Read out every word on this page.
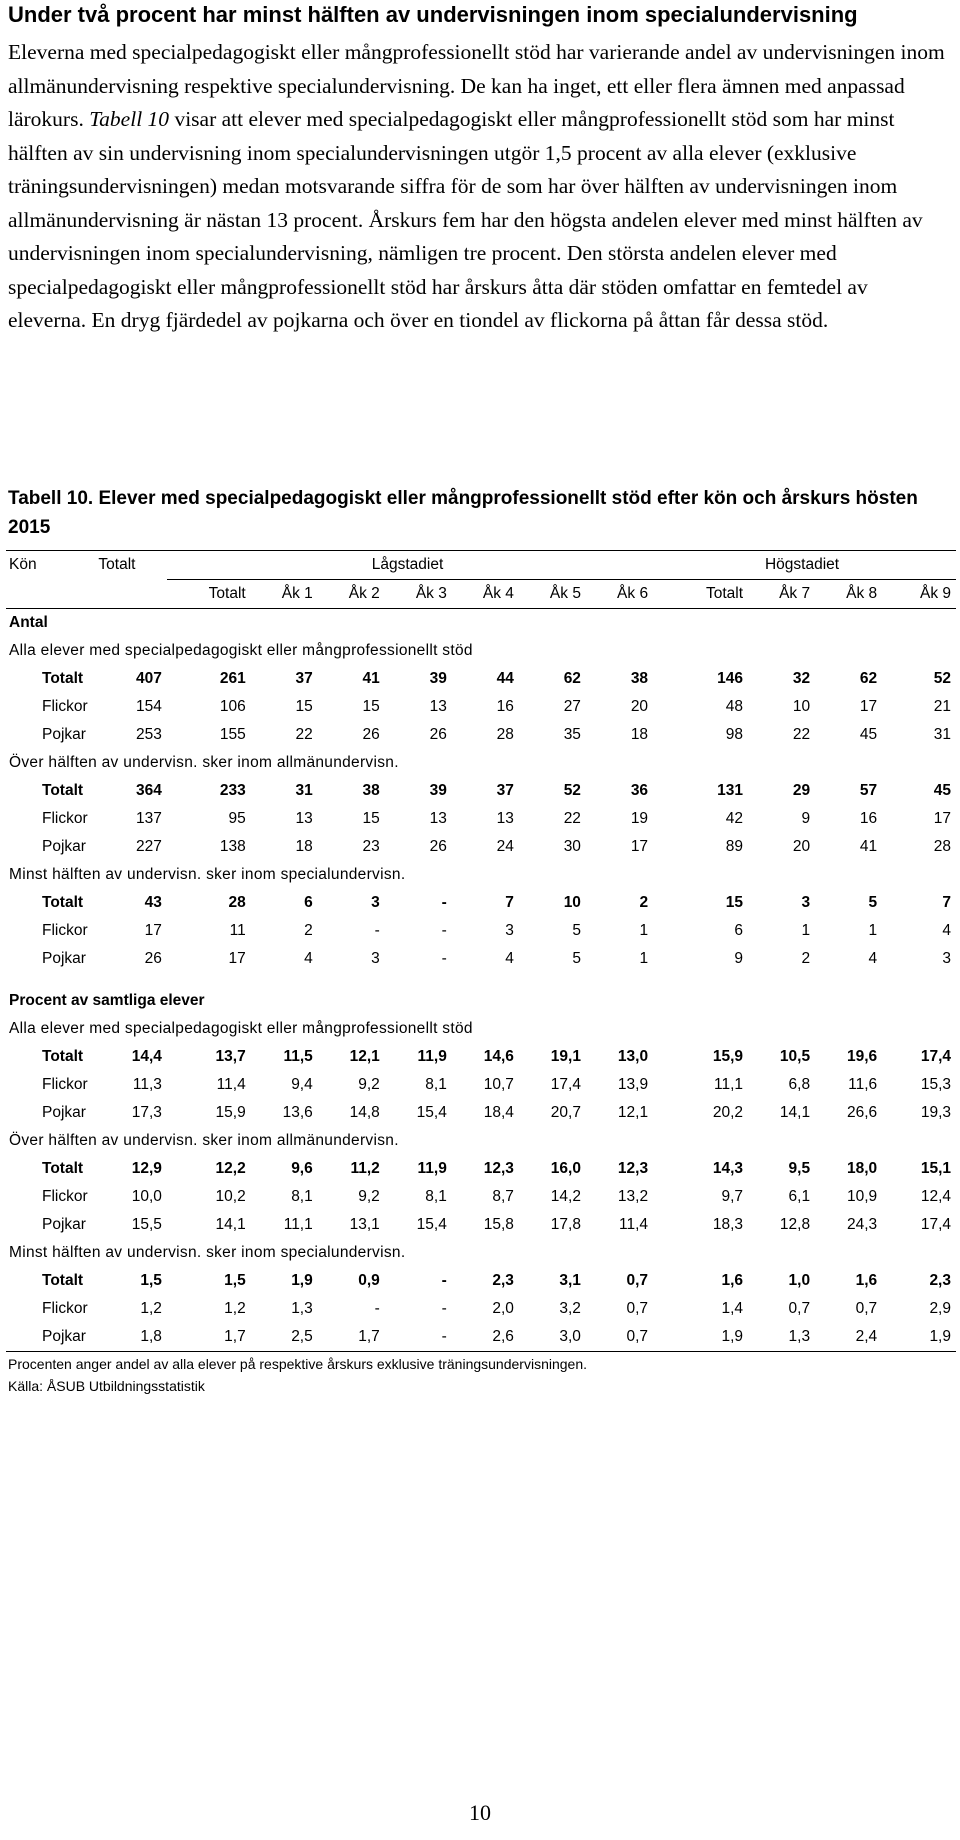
Under två procent har minst hälften av undervisningen inom specialundervisning

Eleverna med specialpedagogiskt eller mångprofessionellt stöd har varierande andel av undervisningen inom allmänundervisning respektive specialundervisning. De kan ha inget, ett eller flera ämnen med anpassad lärokurs. Tabell 10 visar att elever med specialpedagogiskt eller mångprofessionellt stöd som har minst hälften av sin undervisning inom specialundervisningen utgör 1,5 procent av alla elever (exklusive träningsundervisningen) medan motsvarande siffra för de som har över hälften av undervisningen inom allmänundervisning är nästan 13 procent. Årskurs fem har den högsta andelen elever med minst hälften av undervisningen inom specialundervisning, nämligen tre procent. Den största andelen elever med specialpedagogiskt eller mångprofessionellt stöd har årskurs åtta där stöden omfattar en femtedel av eleverna. En dryg fjärdedel av pojkarna och över en tiondel av flickorna på åttan får dessa stöd.

Tabell 10. Elever med specialpedagogiskt eller mångprofessionellt stöd efter kön och årskurs hösten 2015
Kön	Totalt	Lågstadiet							Högstadiet			
		Totalt	Åk 1	Åk 2	Åk 3	Åk 4	Åk 5	Åk 6	Totalt	Åk 7	Åk 8	Åk 9
Antal												
Alla elever med specialpedagogiskt eller mångprofessionellt stöd												
Totalt	407	261	37	41	39	44	62	38	146	32	62	52
Flickor	154	106	15	15	13	16	27	20	48	10	17	21
Pojkar	253	155	22	26	26	28	35	18	98	22	45	31
Över hälften av undervisn. sker inom allmänundervisn.												
Totalt	364	233	31	38	39	37	52	36	131	29	57	45
Flickor	137	95	13	15	13	13	22	19	42	9	16	17
Pojkar	227	138	18	23	26	24	30	17	89	20	41	28
Minst hälften av undervisn. sker inom specialundervisn.												
Totalt	43	28	6	3	-	7	10	2	15	3	5	7
Flickor	17	11	2	-	-	3	5	1	6	1	1	4
Pojkar	26	17	4	3	-	4	5	1	9	2	4	3

Procent av samtliga elever												
Alla elever med specialpedagogiskt eller mångprofessionellt stöd												
Totalt	14,4	13,7	11,5	12,1	11,9	14,6	19,1	13,0	15,9	10,5	19,6	17,4
Flickor	11,3	11,4	9,4	9,2	8,1	10,7	17,4	13,9	11,1	6,8	11,6	15,3
Pojkar	17,3	15,9	13,6	14,8	15,4	18,4	20,7	12,1	20,2	14,1	26,6	19,3
Över hälften av undervisn. sker inom allmänundervisn.												
Totalt	12,9	12,2	9,6	11,2	11,9	12,3	16,0	12,3	14,3	9,5	18,0	15,1
Flickor	10,0	10,2	8,1	9,2	8,1	8,7	14,2	13,2	9,7	6,1	10,9	12,4
Pojkar	15,5	14,1	11,1	13,1	15,4	15,8	17,8	11,4	18,3	12,8	24,3	17,4
Minst hälften av undervisn. sker inom specialundervisn.												
Totalt	1,5	1,5	1,9	0,9	-	2,3	3,1	0,7	1,6	1,0	1,6	2,3
Flickor	1,2	1,2	1,3	-	-	2,0	3,2	0,7	1,4	0,7	0,7	2,9
Pojkar	1,8	1,7	2,5	1,7	-	2,6	3,0	0,7	1,9	1,3	2,4	1,9
Procenten anger andel av alla elever på respektive årskurs exklusive träningsundervisningen.
Källa: ÅSUB Utbildningsstatistik
10
